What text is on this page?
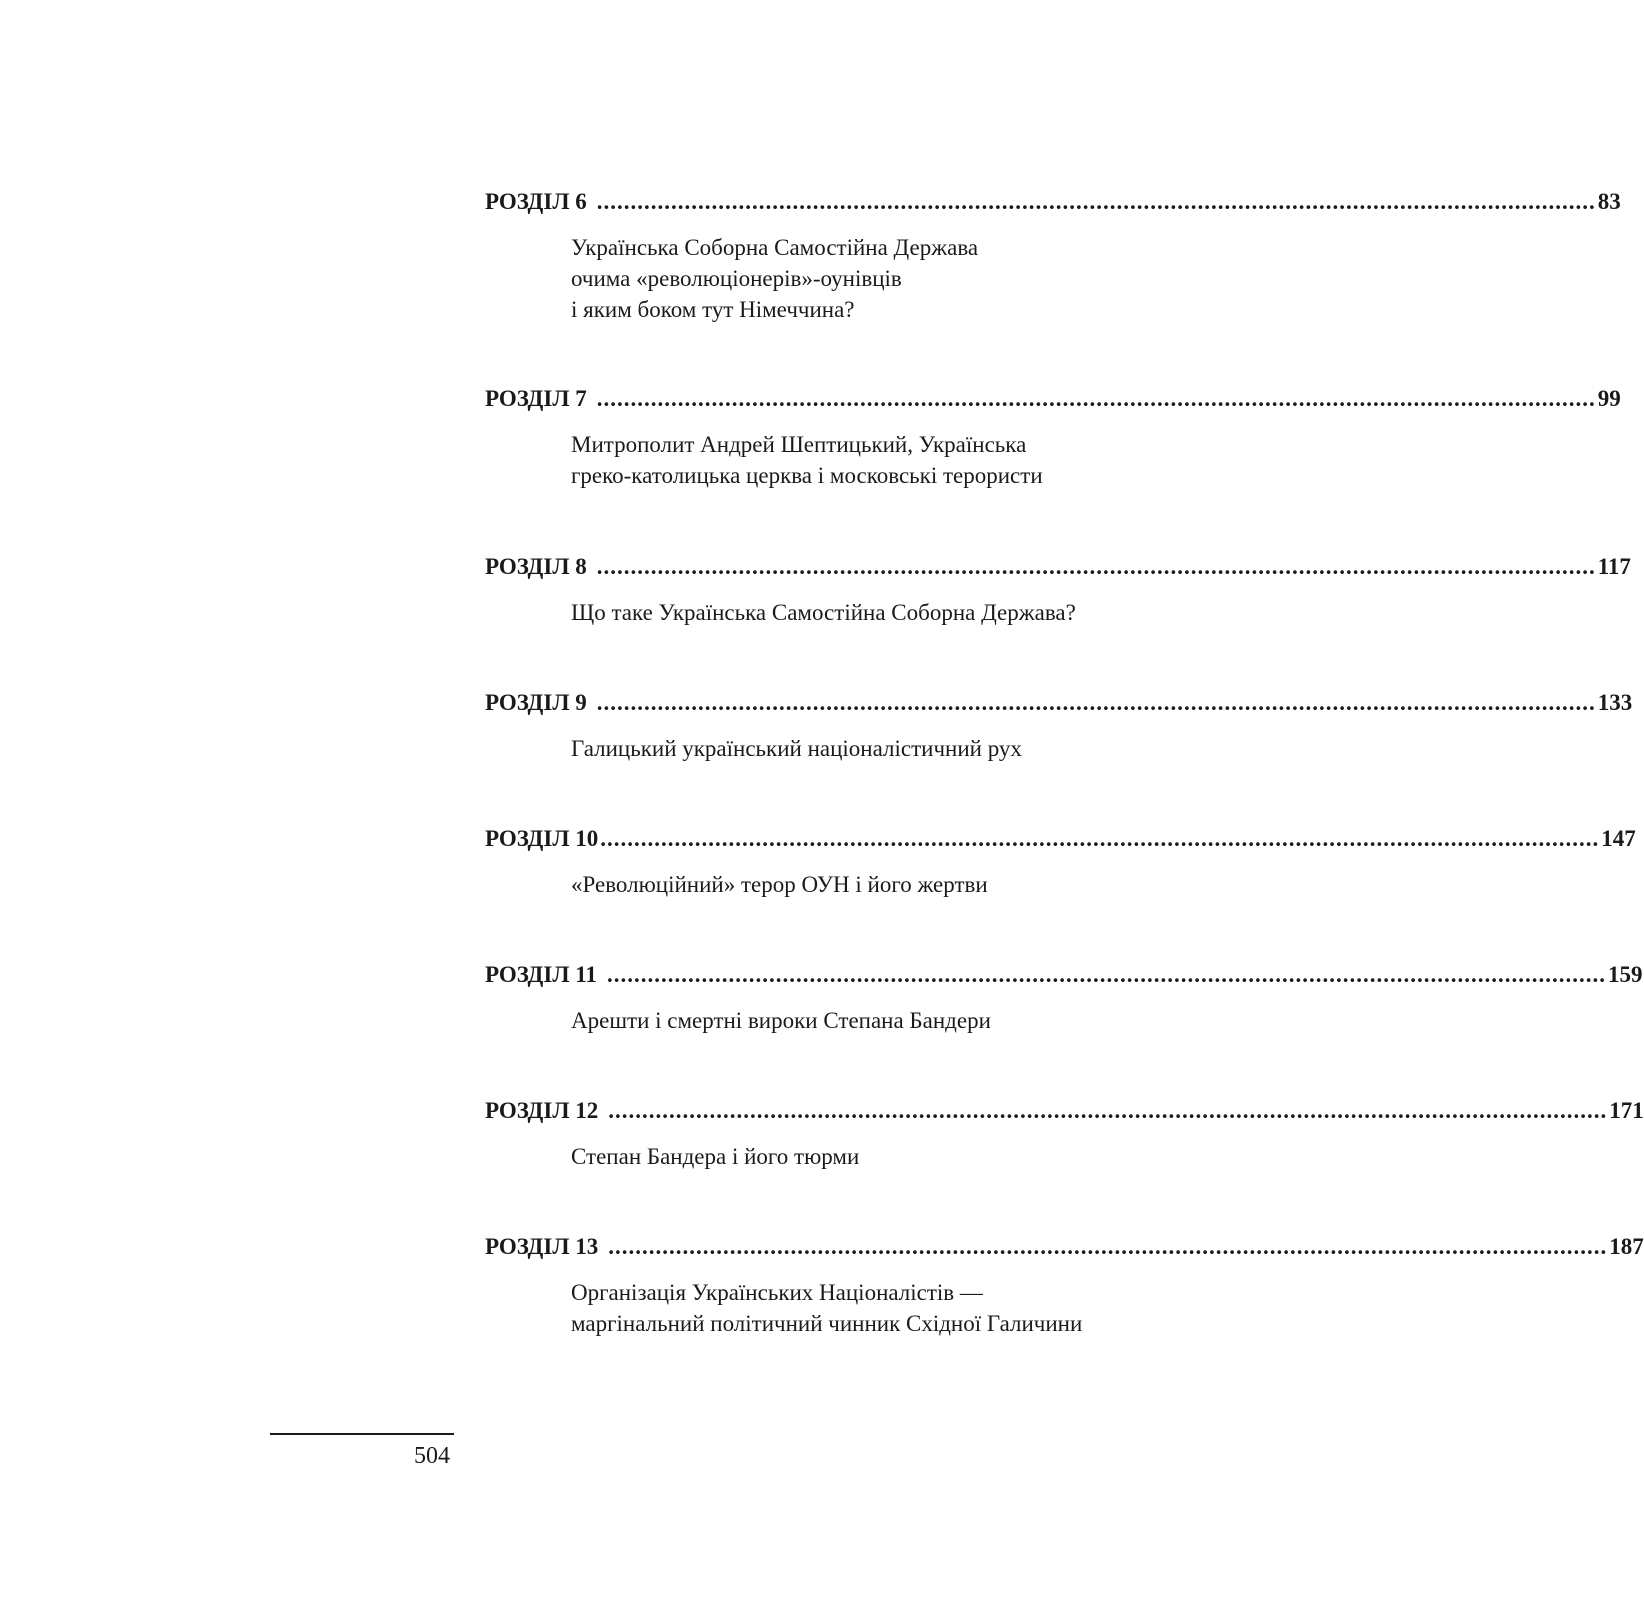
РОЗДІЛ 6 .................................................................................................................................................... 83
Українська Соборна Самостійна Держава
очима «революціонерів»-оунівців
і яким боком тут Німеччина?
РОЗДІЛ 7 .................................................................................................................................................... 99
Митрополит Андрей Шептицький, Українська
греко-католицька церква і московські терористи
РОЗДІЛ 8 .................................................................................................................................................... 117
Що таке Українська Самостійна Соборна Держава?
РОЗДІЛ 9 .................................................................................................................................................... 133
Галицький український націоналістичний рух
РОЗДІЛ 10 .................................................................................................................................................... 147
«Революційний» терор ОУН і його жертви
РОЗДІЛ 11 .................................................................................................................................................... 159
Арешти і смертні вироки Степана Бандери
РОЗДІЛ 12 .................................................................................................................................................... 171
Степан Бандера і його тюрми
РОЗДІЛ 13 .................................................................................................................................................... 187
Організація Українських Націоналістів —
маргінальний політичний чинник Східної Галичини
504
